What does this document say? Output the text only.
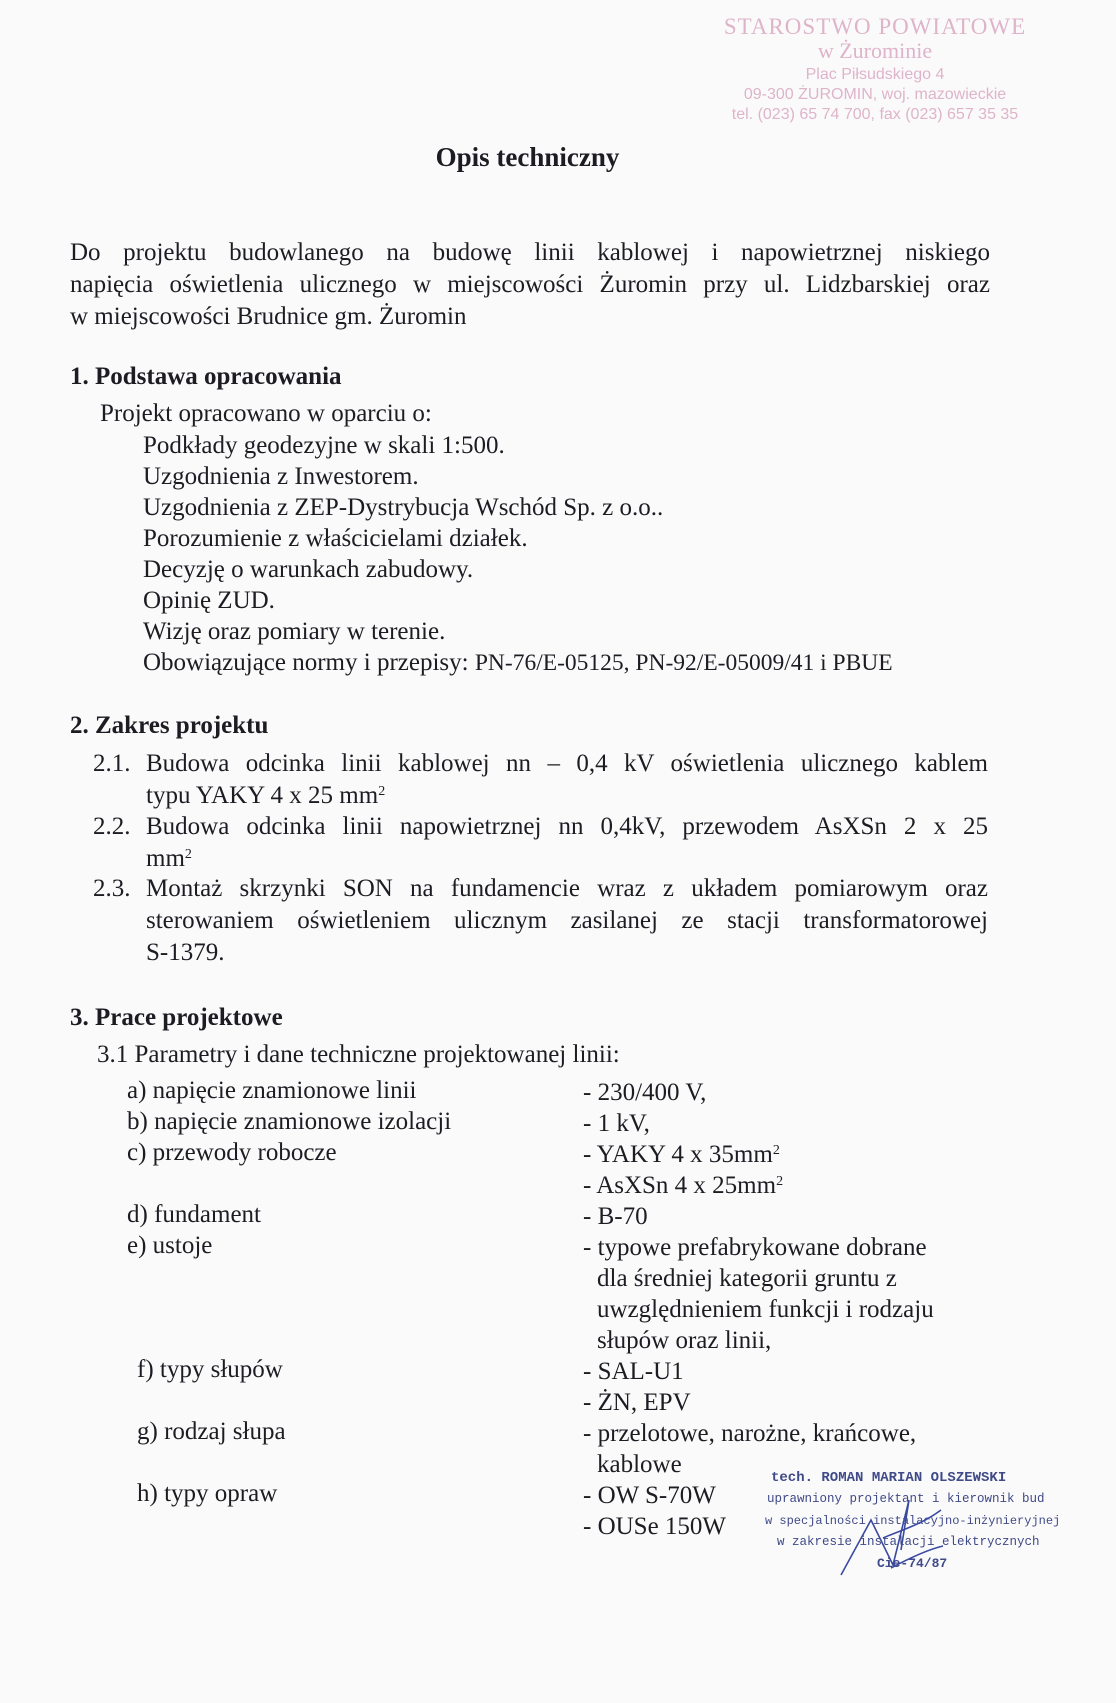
STAROSTWO POWIATOWE
w Żurominie
Plac Piłsudskiego 4
09-300 ŻUROMIN, woj. mazowieckie
tel. (023) 65 74 700, fax (023) 657 35 35
Opis techniczny
Do projektu budowlanego na budowę linii kablowej i napowietrznej niskiego
napięcia oświetlenia ulicznego w miejscowości Żuromin przy ul. Lidzbarskiej oraz
w miejscowości Brudnice gm. Żuromin
1. Podstawa opracowania
Projekt opracowano w oparciu o:
Podkłady geodezyjne w skali 1:500.
Uzgodnienia z Inwestorem.
Uzgodnienia z ZEP-Dystrybucja Wschód Sp. z o.o..
Porozumienie z właścicielami działek.
Decyzję o warunkach zabudowy.
Opinię ZUD.
Wizję oraz pomiary w terenie.
Obowiązujące normy i przepisy: PN-76/E-05125, PN-92/E-05009/41 i PBUE
2. Zakres projektu
2.1. Budowa odcinka linii kablowej nn – 0,4 kV oświetlenia ulicznego kablem
typu YAKY 4 x 25 $mm^2$
2.2. Budowa odcinka linii napowietrznej nn 0,4kV, przewodem AsXSn 2 x 25
$mm^2$
2.3. Montaż skrzynki SON na fundamencie wraz z układem pomiarowym oraz
sterowaniem oświetleniem ulicznym zasilanej ze stacji transformatorowej
S-1379.
3. Prace projektowe
3.1 Parametry i dane techniczne projektowanej linii:
a) napięcie znamionowe linii	- 230/400 V,
b) napięcie znamionowe izolacji	- 1 kV,
c) przewody robocze	- YAKY 4 x $35mm^2$
- AsXSn 4 x $25mm^2$
d) fundament	- B-70
e) ustoje	- typowe prefabrykowane dobrane
dla średniej kategorii gruntu z
uwzględnieniem funkcji i rodzaju
słupów oraz linii,
f) typy słupów	- SAL-U1
- ŻN, EPV
g) rodzaj słupa	- przelotowe, narożne, krańcowe,
kablowe
h) typy opraw	- OW S-70W
- OUSe 150W
tech. ROMAN MARIAN OLSZEWSKI
uprawniony projektant i kierownik bud
w specjalności instalacyjno-inżynieryjnej
w zakresie instalacji elektrycznych
Cie-74/87
